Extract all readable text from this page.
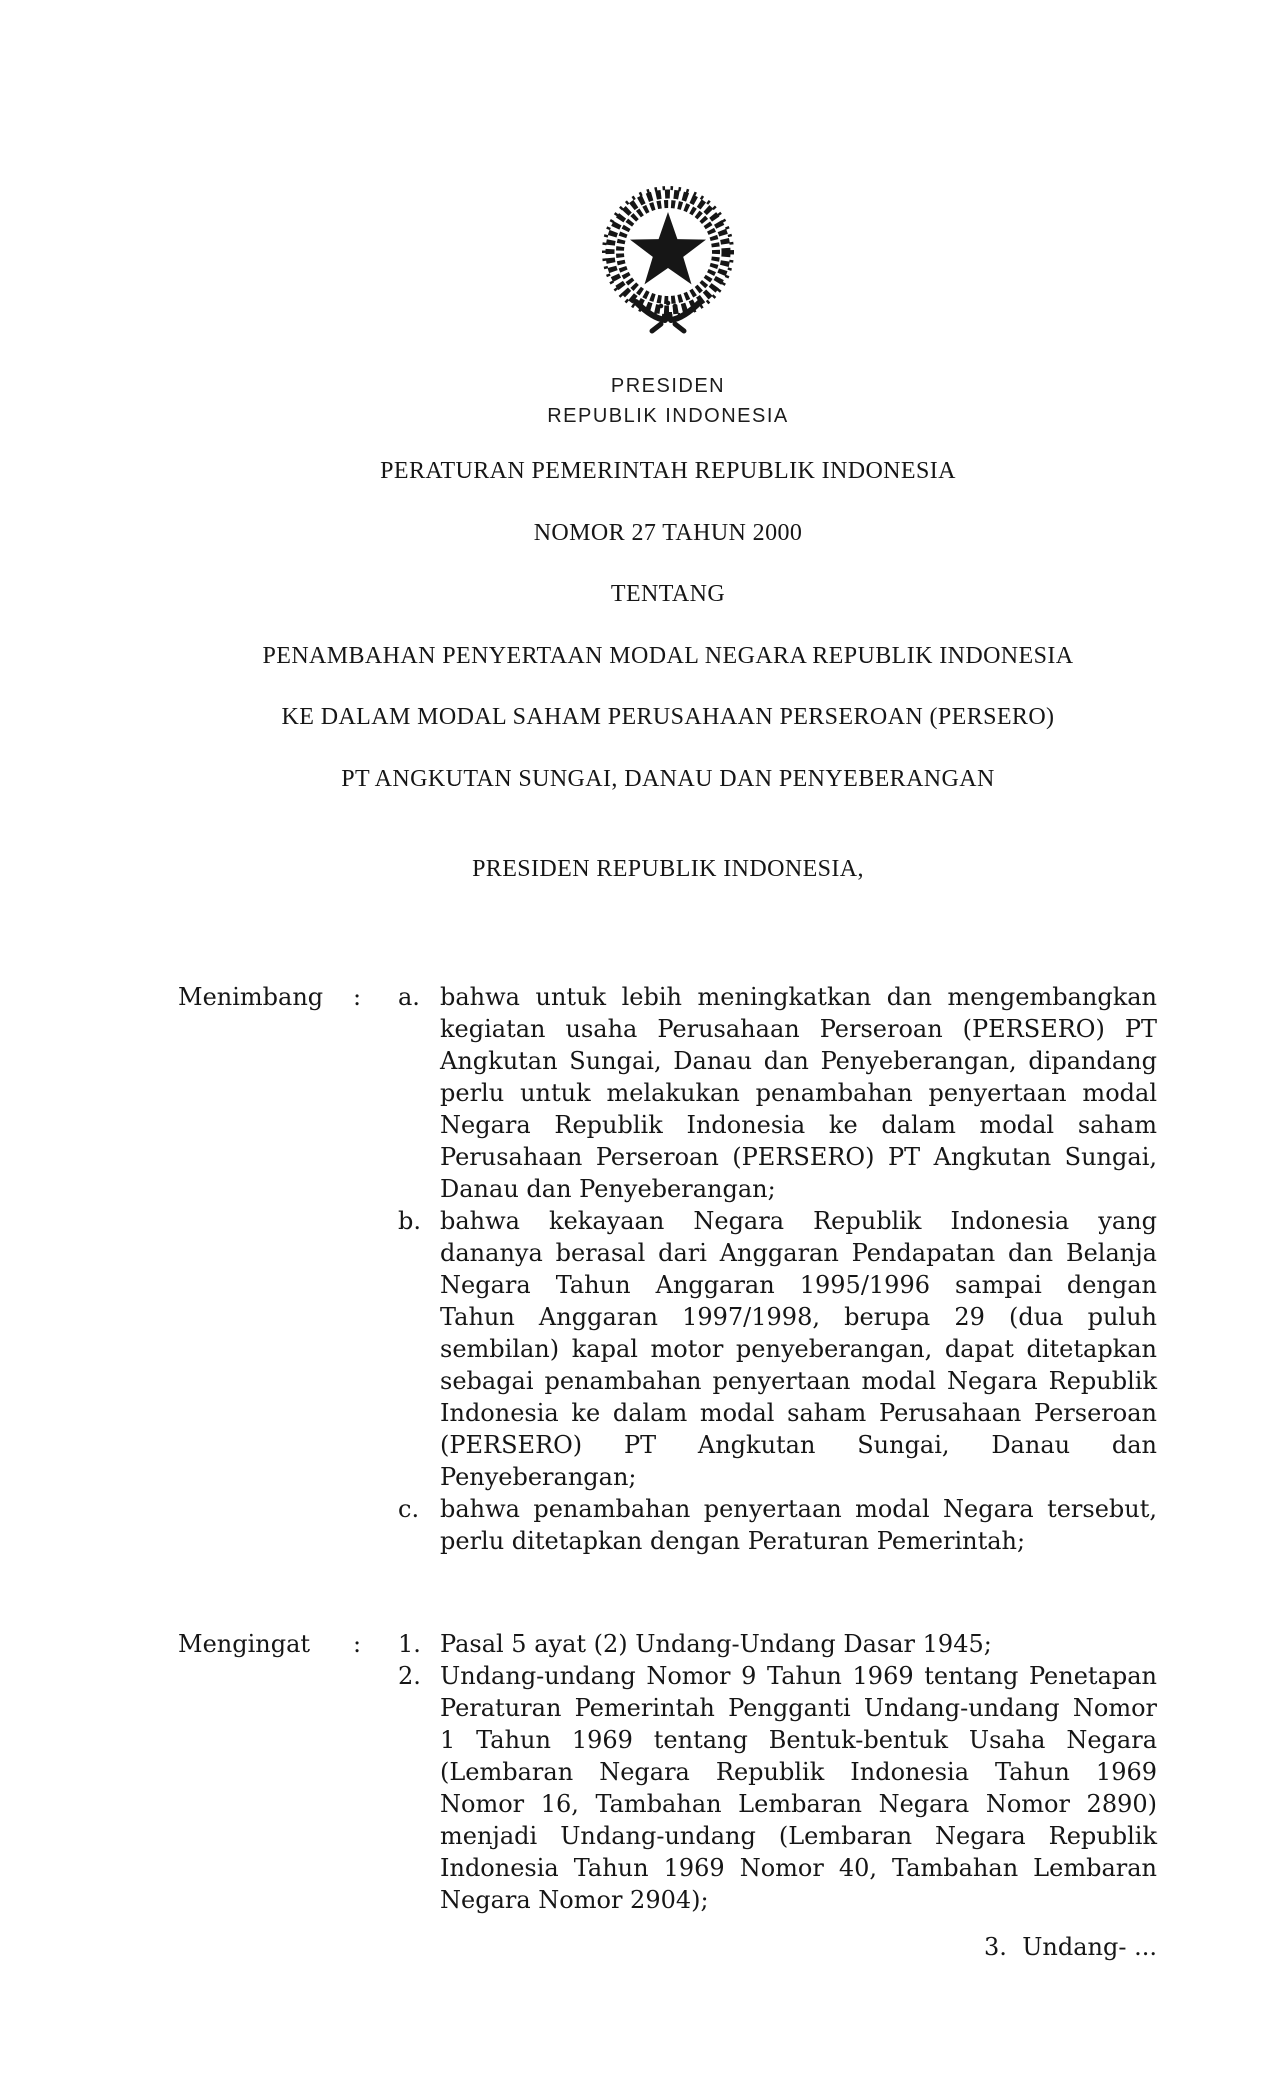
PRESIDEN
REPUBLIK INDONESIA
PERATURAN PEMERINTAH REPUBLIK INDONESIA
NOMOR 27 TAHUN 2000
TENTANG
PENAMBAHAN PENYERTAAN MODAL NEGARA REPUBLIK INDONESIA
KE DALAM MODAL SAHAM PERUSAHAAN PERSEROAN (PERSERO)
PT ANGKUTAN SUNGAI, DANAU DAN PENYEBERANGAN
PRESIDEN REPUBLIK INDONESIA,
Menimbang : a. bahwa untuk lebih meningkatkan dan mengembangkan
kegiatan usaha Perusahaan Perseroan (PERSERO) PT
Angkutan Sungai, Danau dan Penyeberangan, dipandang
perlu untuk melakukan penambahan penyertaan modal
Negara Republik Indonesia ke dalam modal saham
Perusahaan Perseroan (PERSERO) PT Angkutan Sungai,
Danau dan Penyeberangan;
b. bahwa kekayaan Negara Republik Indonesia yang
dananya berasal dari Anggaran Pendapatan dan Belanja
Negara Tahun Anggaran 1995/1996 sampai dengan
Tahun Anggaran 1997/1998, berupa 29 (dua puluh
sembilan) kapal motor penyeberangan, dapat ditetapkan
sebagai penambahan penyertaan modal Negara Republik
Indonesia ke dalam modal saham Perusahaan Perseroan
(PERSERO) PT Angkutan Sungai, Danau dan
Penyeberangan;
c. bahwa penambahan penyertaan modal Negara tersebut,
perlu ditetapkan dengan Peraturan Pemerintah;
Mengingat : 1. Pasal 5 ayat (2) Undang-Undang Dasar 1945;
2. Undang-undang Nomor 9 Tahun 1969 tentang Penetapan
Peraturan Pemerintah Pengganti Undang-undang Nomor
1 Tahun 1969 tentang Bentuk-bentuk Usaha Negara
(Lembaran Negara Republik Indonesia Tahun 1969
Nomor 16, Tambahan Lembaran Negara Nomor 2890)
menjadi Undang-undang (Lembaran Negara Republik
Indonesia Tahun 1969 Nomor 40, Tambahan Lembaran
Negara Nomor 2904);
3.  Undang- ...
